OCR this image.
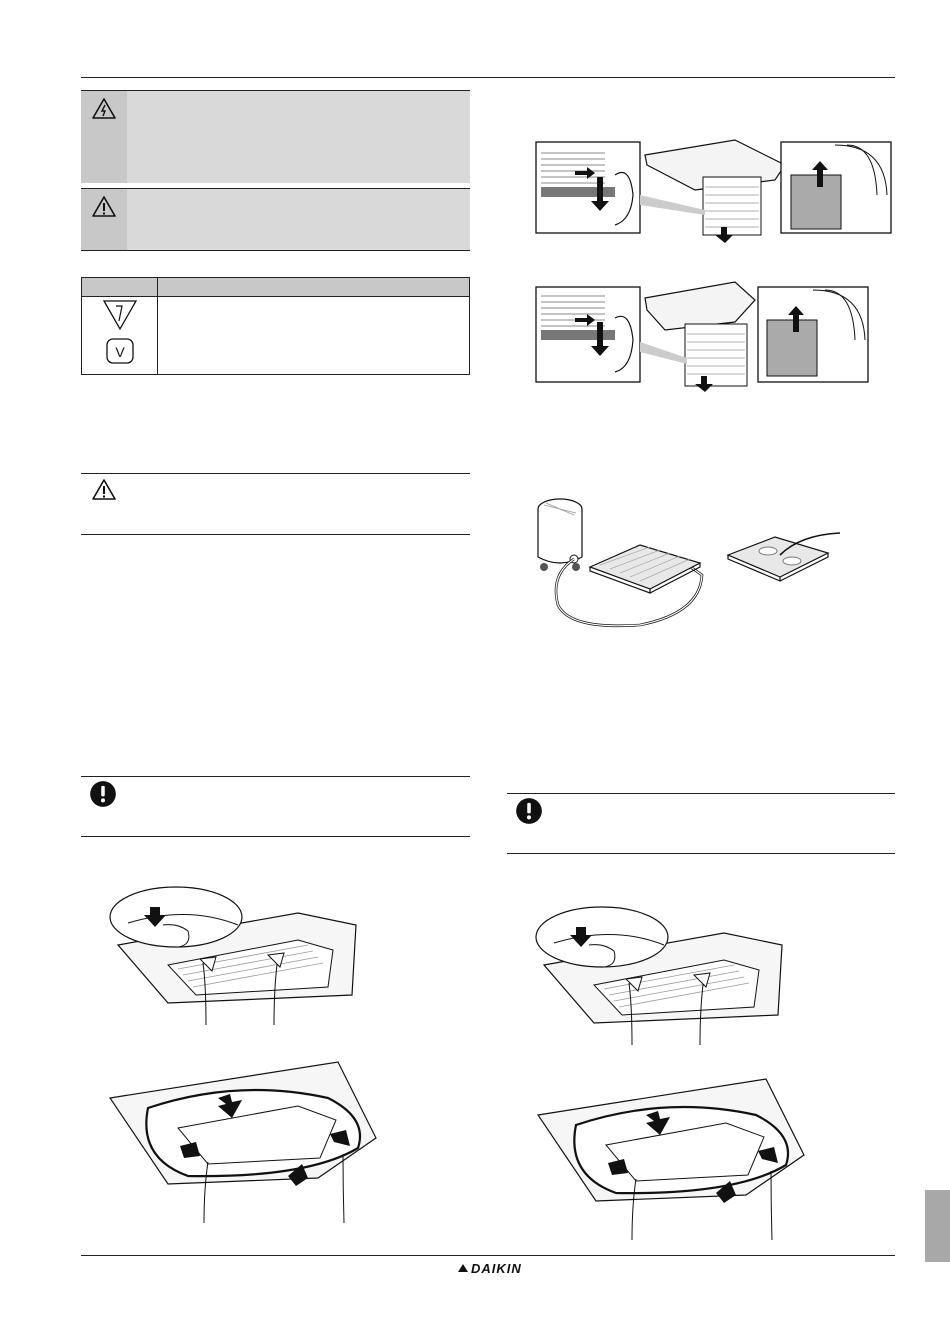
V	

DAIKIN
